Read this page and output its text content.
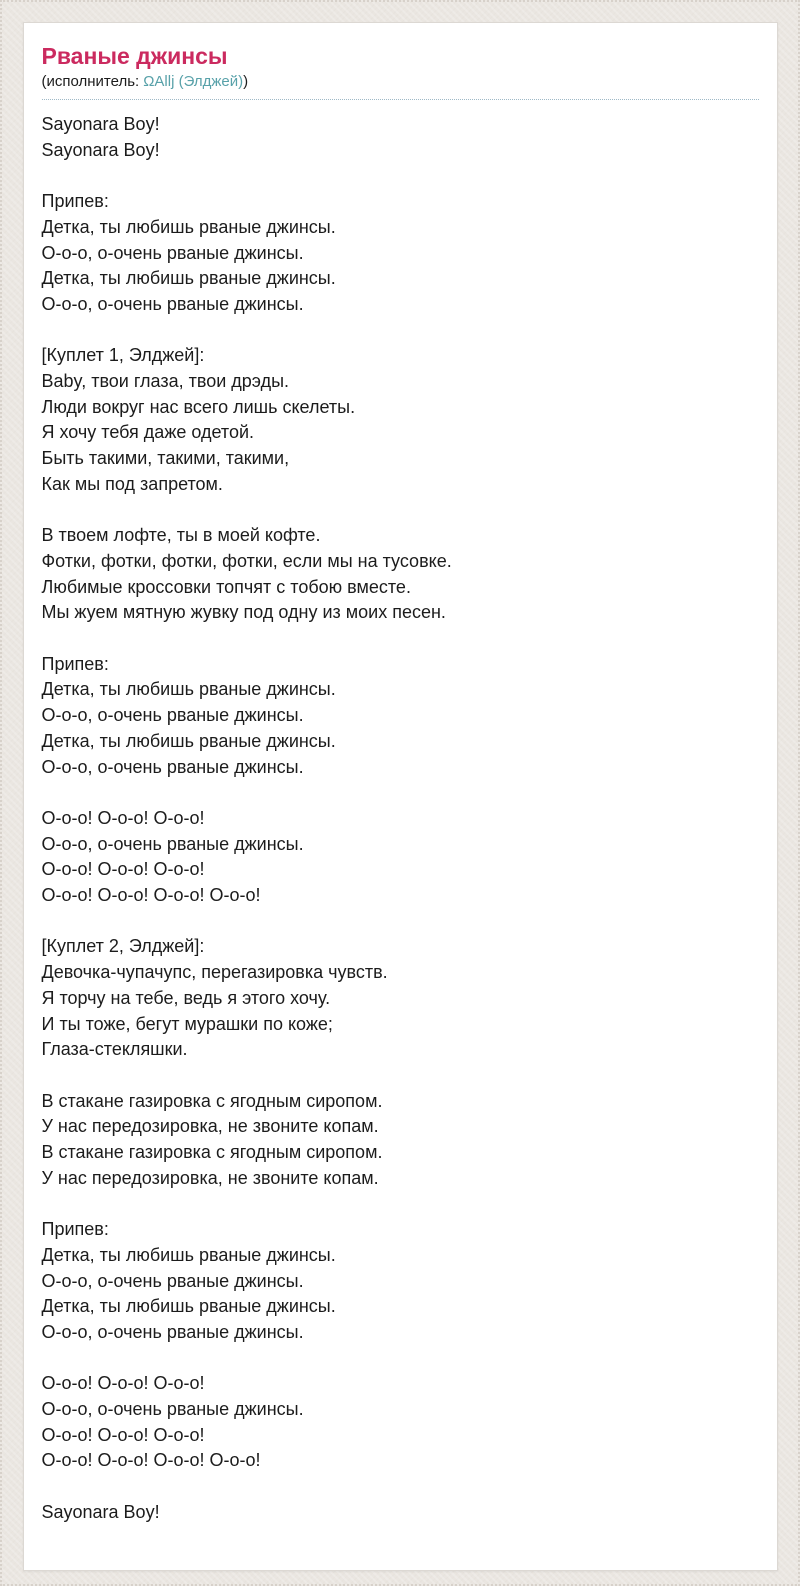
Рваные джинсы
(исполнитель: ΩAllj (Элджей))
Sayonara Boy!
Sayonara Boy!
Припев:
Детка, ты любишь рваные джинсы.
О-о-о, о-очень рваные джинсы.
Детка, ты любишь рваные джинсы.
О-о-о, о-очень рваные джинсы.
[Куплет 1, Элджей]:
Baby, твои глаза, твои дрэды.
Люди вокруг нас всего лишь скелеты.
Я хочу тебя даже одетой.
Быть такими, такими, такими,
Как мы под запретом.
В твоем лофте, ты в моей кофте.
Фотки, фотки, фотки, фотки, если мы на тусовке.
Любимые кроссовки топчят с тобою вместе.
Мы жуем мятную жувку под одну из моих песен.
Припев:
Детка, ты любишь рваные джинсы.
О-о-о, о-очень рваные джинсы.
Детка, ты любишь рваные джинсы.
О-о-о, о-очень рваные джинсы.
О-о-о! О-о-о! О-о-о!
О-о-о, о-очень рваные джинсы.
О-о-о! О-о-о! О-о-о!
О-о-о! О-о-о! О-о-о! О-о-о!
[Куплет 2, Элджей]:
Девочка-чупачупс, перегазировка чувств.
Я торчу на тебе, ведь я этого хочу.
И ты тоже, бегут мурашки по коже;
Глаза-стекляшки.
В стакане газировка с ягодным сиропом.
У нас передозировка, не звоните копам.
В стакане газировка с ягодным сиропом.
У нас передозировка, не звоните копам.
Припев:
Детка, ты любишь рваные джинсы.
О-о-о, о-очень рваные джинсы.
Детка, ты любишь рваные джинсы.
О-о-о, о-очень рваные джинсы.
О-о-о! О-о-о! О-о-о!
О-о-о, о-очень рваные джинсы.
О-о-о! О-о-о! О-о-о!
О-о-о! О-о-о! О-о-о! О-о-о!
Sayonara Boy!
